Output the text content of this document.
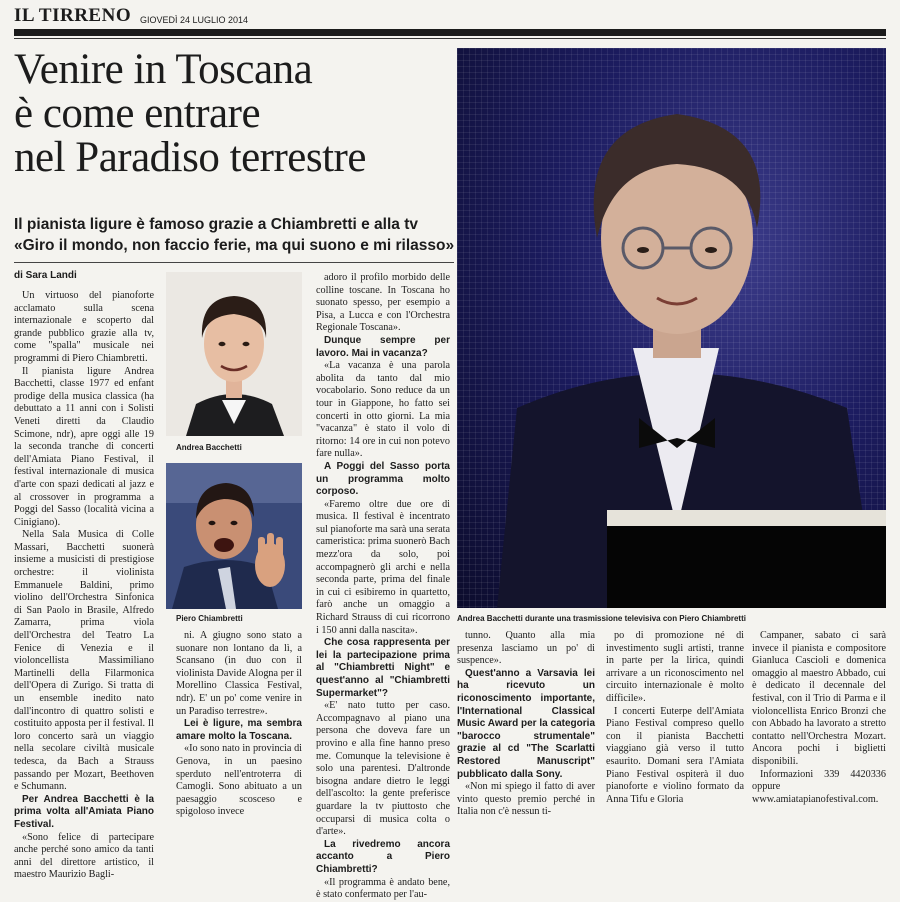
IL TIRRENO GIOVEDÌ 24 LUGLIO 2014
Venire in Toscana
è come entrare
nel Paradiso terrestre
Il pianista ligure è famoso grazie a Chiambretti e alla tv
«Giro il mondo, non faccio ferie, ma qui suono e mi rilasso»
di Sara Landi

Un virtuoso del pianoforte acclamato sulla scena internazionale e scoperto dal grande pubblico grazie alla tv, come "spalla" musicale nei programmi di Piero Chiambretti.

Il pianista ligure Andrea Bacchetti, classe 1977 ed enfant prodige della musica classica (ha debuttato a 11 anni con i Solisti Veneti diretti da Claudio Scimone, ndr), apre oggi alle 19 la seconda tranche di concerti dell'Amiata Piano Festival, il festival internazionale di musica d'arte con spazi dedicati al jazz e al crossover in programma a Poggi del Sasso (località vicina a Cinigiano).

Nella Sala Musica di Colle Massari, Bacchetti suonerà insieme a musicisti di prestigiose orchestre: il violinista Emmanuele Baldini, primo violino dell'Orchestra Sinfonica di San Paolo in Brasile, Alfredo Zamarra, prima viola dell'Orchestra del Teatro La Fenice di Venezia e il violoncellista Massimiliano Martinelli della Filarmonica dell'Opera di Zurigo. Si tratta di un ensemble inedito nato dall'incontro di quattro solisti e costituito apposta per il festival. Il loro concerto sarà un viaggio nella secolare civiltà musicale tedesca, da Bach a Strauss passando per Mozart, Beethoven e Schumann.

Per Andrea Bacchetti è la prima volta all'Amiata Piano Festival.

«Sono felice di partecipare anche perché sono amico da tanti anni del direttore artistico, il maestro Maurizio Bagli-

Andrea Bacchetti
Piero Chiambretti

ni. A giugno sono stato a suonare non lontano da lì, a Scansano (in duo con il violinista Davide Alogna per il Morellino Classica Festival, ndr). E' un po' come venire in un Paradiso terrestre».

Lei è ligure, ma sembra amare molto la Toscana.

«Io sono nato in provincia di Genova, in un paesino sperduto nell'entroterra di Camogli. Sono abituato a un paesaggio scosceso e spigoloso invece

adoro il profilo morbido delle colline toscane. In Toscana ho suonato spesso, per esempio a Pisa, a Lucca e con l'Orchestra Regionale Toscana».

Dunque sempre per lavoro. Mai in vacanza?

«La vacanza è una parola abolita da tanto dal mio vocabolario. Sono reduce da un tour in Giappone, ho fatto sei concerti in otto giorni. La mia "vacanza" è stato il volo di ritorno: 14 ore in cui non potevo fare nulla».

A Poggi del Sasso porta un programma molto corposo.

«Faremo oltre due ore di musica. Il festival è incentrato sul pianoforte ma sarà una serata cameristica: prima suonerò Bach mezz'ora da solo, poi accompagnerò gli archi e nella seconda parte, prima del finale in cui ci esibiremo in quartetto, farò anche un omaggio a Richard Strauss di cui ricorrono i 150 anni dalla nascita».

Che cosa rappresenta per lei la partecipazione prima al "Chiambretti Night" e quest'anno al "Chiambretti Supermarket"?

«E' nato tutto per caso. Accompagnavo al piano una persona che doveva fare un provino e alla fine hanno preso me. Comunque la televisione è solo una parentesi. D'altronde bisogna andare dietro le leggi dell'ascolto: la gente preferisce guardare la tv piuttosto che occuparsi di musica colta o d'arte».

La rivedremo ancora accanto a Piero Chiambretti?

«Il programma è andato bene, è stato confermato per l'au-

Andrea Bacchetti durante una trasmissione televisiva con Piero Chiambretti

tunno. Quanto alla mia presenza lasciamo un po' di suspence».

Quest'anno a Varsavia lei ha ricevuto un riconoscimento importante, l'International Classical Music Award per la categoria "barocco strumentale" grazie al cd "The Scarlatti Restored Manuscript" pubblicato dalla Sony.

«Non mi spiego il fatto di aver vinto questo premio perché in Italia non c'è nessun ti-

po di promozione né di investimento sugli artisti, tranne in parte per la lirica, quindi arrivare a un riconoscimento nel circuito internazionale è molto difficile».

I concerti Euterpe dell'Amiata Piano Festival compreso quello con il pianista Bacchetti viaggiano già verso il tutto esaurito. Domani sera l'Amiata Piano Festival ospiterà il duo pianoforte e violino formato da Anna Tifu e Gloria

Campaner, sabato ci sarà invece il pianista e compositore Gianluca Cascioli e domenica omaggio al maestro Abbado, cui è dedicato il decennale del festival, con il Trio di Parma e il violoncellista Enrico Bronzi che con Abbado ha lavorato a stretto contatto nell'Orchestra Mozart. Ancora pochi i biglietti disponibili.

Informazioni 339 4420336 oppure www.amiatapianofestival.com.
